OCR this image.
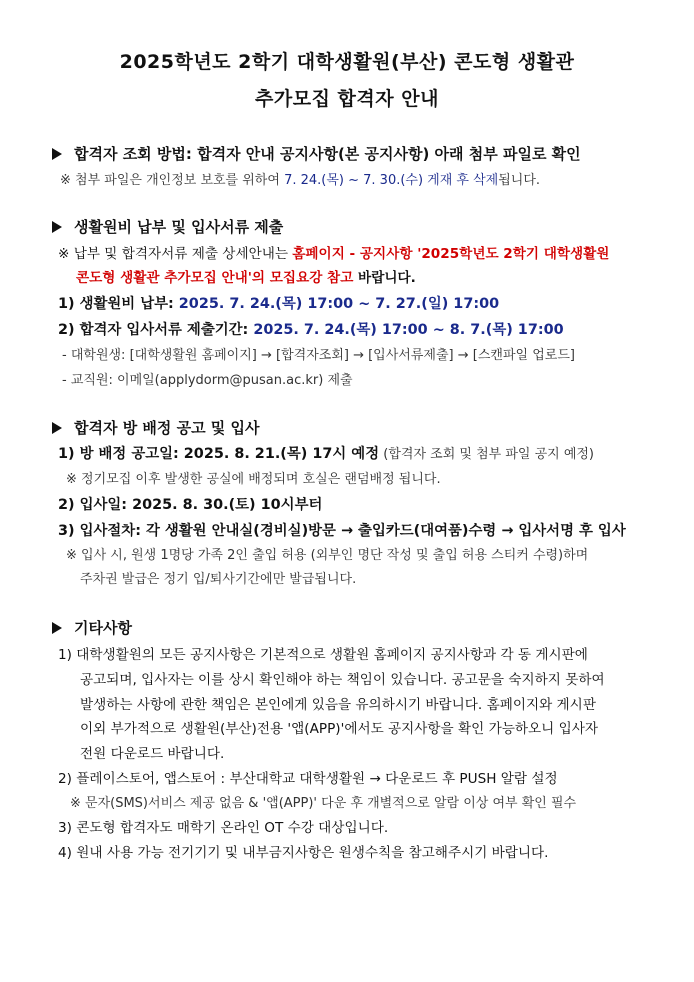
2025학년도 2학기 대학생활원(부산) 콘도형 생활관
추가모집 합격자 안내
합격자 조회 방법: 합격자 안내 공지사항(본 공지사항) 아래 첨부 파일로 확인
※ 첨부 파일은 개인정보 보호를 위하여 7. 24.(목) ~ 7. 30.(수) 게재 후 삭제됩니다.
생활원비 납부 및 입사서류 제출
※ 납부 및 합격자서류 제출 상세안내는 홈페이지 - 공지사항 '2025학년도 2학기 대학생활원
콘도형 생활관 추가모집 안내'의 모집요강 참고 바랍니다.
1) 생활원비 납부: 2025. 7. 24.(목) 17:00 ~ 7. 27.(일) 17:00
2) 합격자 입사서류 제출기간: 2025. 7. 24.(목) 17:00 ~ 8. 7.(목) 17:00
- 대학원생: [대학생활원 홈페이지] → [합격자조회] → [입사서류제출] → [스캔파일 업로드]
- 교직원: 이메일(applydorm@pusan.ac.kr) 제출
합격자 방 배정 공고 및 입사
1) 방 배정 공고일: 2025. 8. 21.(목) 17시 예정 (합격자 조회 및 첨부 파일 공지 예정)
※ 정기모집 이후 발생한 공실에 배정되며 호실은 랜덤배정 됩니다.
2) 입사일: 2025. 8. 30.(토) 10시부터
3) 입사절차: 각 생활원 안내실(경비실)방문 → 출입카드(대여품)수령 → 입사서명 후 입사
※ 입사 시, 원생 1명당 가족 2인 출입 허용 (외부인 명단 작성 및 출입 허용 스티커 수령)하며
주차권 발급은 정기 입/퇴사기간에만 발급됩니다.
기타사항
1) 대학생활원의 모든 공지사항은 기본적으로 생활원 홈페이지 공지사항과 각 동 게시판에
공고되며, 입사자는 이를 상시 확인해야 하는 책임이 있습니다. 공고문을 숙지하지 못하여
발생하는 사항에 관한 책임은 본인에게 있음을 유의하시기 바랍니다. 홈페이지와 게시판
이외 부가적으로 생활원(부산)전용 '앱(APP)'에서도 공지사항을 확인 가능하오니 입사자
전원 다운로드 바랍니다.
2) 플레이스토어, 앱스토어 : 부산대학교 대학생활원 → 다운로드 후 PUSH 알람 설정
※ 문자(SMS)서비스 제공 없음 & '앱(APP)' 다운 후 개별적으로 알람 이상 여부 확인 필수
3) 콘도형 합격자도 매학기 온라인 OT 수강 대상입니다.
4) 원내 사용 가능 전기기기 및 내부금지사항은 원생수칙을 참고해주시기 바랍니다.
